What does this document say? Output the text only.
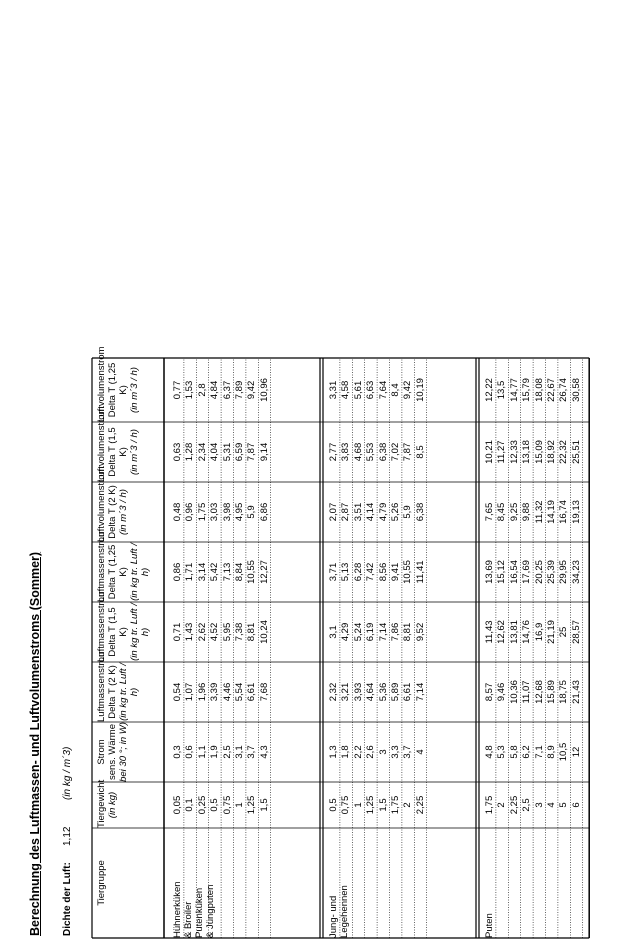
Berechnung des Luftmassen- und Luftvolumenstroms (Sommer) Dichte der Luft:
1,12
(in kg / m´3)
Tiergruppe
Tiergewicht (in kg)
Strom sens. Wärme bei 30 °; in W)
Luftmassenstrom Delta T (2 K) (in kg tr. Luft / h)
Luftmassenstrom Delta T (1,5 K) (in kg tr. Luft / h)
Luftmassenstrom Delta T (1,25 K) (in kg tr. Luft / h)
Luftvolumenstrom Delta T (2 K) (in m´3 / h)
Luftvolumenstrom Delta T (1,5 K) (in m´3 / h)
Luftvolumenstrom Delta T (1,25 K) (in m´3 / h)
Hühnerküken & Broiler Putenküken & Jüngputen
0,05
0,3
0,54
0,71
0,86
0,48
0,63
0,77
0,1
0,6
1,07
1,43
1,71
0,96
1,28
1,53
0,25
1,1
1,96
2,62
3,14
1,75
2,34
2,8
0,5
1,9
3,39
4,52
5,42
3,03
4,04
4,84
0,75
2,5
4,46
5,95
7,13
3,98
5,31
6,37
1
3,1
5,54
7,38
8,84
4,95
6,59
7,89
1,25
3,7
6,61
8,81
10,55
5,9
7,87
9,42
1,5
4,3
7,68
10,24
12,27
6,86
9,14
10,96
Jung- und Legehennen
0,5
1,3
2,32
3,1
3,71
2,07
2,77
3,31
0,75
1,8
3,21
4,29
5,13
2,87
3,83
4,58
1
2,2
3,93
5,24
6,28
3,51
4,68
5,61
1,25
2,6
4,64
6,19
7,42
4,14
5,53
6,63
1,5
3
5,36
7,14
8,56
4,79
6,38
7,64
1,75
3,3
5,89
7,86
9,41
5,26
7,02
8,4
2
3,7
6,61
8,81
10,55
5,9
7,87
9,42
2,25
4
7,14
9,52
11,41
6,38
8,5
10,19
Puten
1,75
4,8
8,57
11,43
13,69
7,65
10,21
12,22
2
5,3
9,46
12,62
15,12
8,45
11,27
13,5
2,25
5,8
10,36
13,81
16,54
9,25
12,33
14,77
2,5
6,2
11,07
14,76
17,69
9,88
13,18
15,79
3
7,1
12,68
16,9
20,25
11,32
15,09
18,08
4
8,9
15,89
21,19
25,39
14,19
18,92
22,67
5
10,5
18,75
25
29,95
16,74
22,32
26,74
6
12
21,43
28,57
34,23
19,13
25,51
30,58
